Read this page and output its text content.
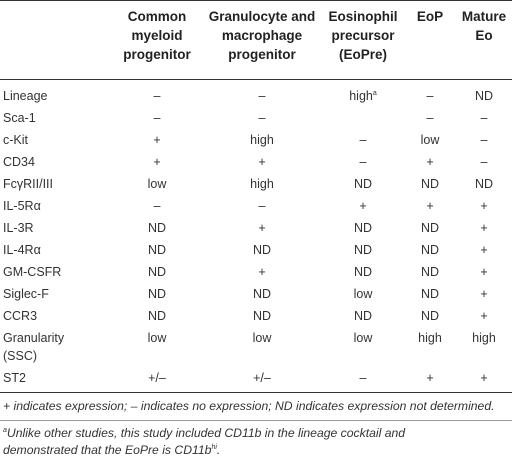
	Common
myeloid
progenitor	Granulocyte and
macrophage
progenitor	Eosinophil
precursor
(EoPre)	EoP	Mature
Eo
Lineage	–	–	high$^a$	–	ND
Sca-1	–	–		–	–
c-Kit	+	high	–	low	–
CD34	+	+	–	+	–
FcγRII/III	low	high	ND	ND	ND
IL-5Rα	–	–	+	+	+
IL-3R	ND	+	ND	ND	+
IL-4Rα	ND	ND	ND	ND	+
GM-CSFR	ND	+	ND	ND	+
Siglec-F	ND	ND	low	ND	+
CCR3	ND	ND	ND	ND	+
Granularity
(SSC)	low	low	low	high	high
ST2	+/–	+/–	–	+	+
+ indicates expression; – indicates no expression; ND indicates expression not determined.
$^a$Unlike other studies, this study included CD11b in the lineage cocktail and
demonstrated that the EoPre is $CD11b^{hi}$.
